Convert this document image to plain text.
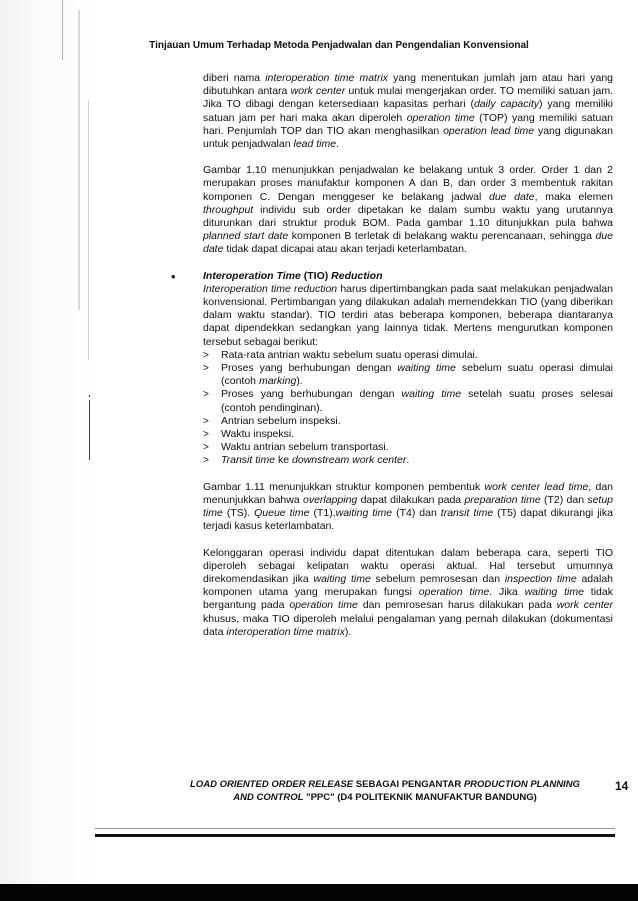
Tinjauan Umum Terhadap Metoda Penjadwalan dan Pengendalian Konvensional

diberi nama interoperation time matrix yang menentukan jumlah jam atau hari yang dibutuhkan antara work center untuk mulai mengerjakan order. TO memiliki satuan jam. Jika TO dibagi dengan ketersediaan kapasitas perhari (daily capacity) yang memiliki satuan jam per hari maka akan diperoleh operation time (TOP) yang memiliki satuan hari. Penjumlah TOP dan TIO akan menghasilkan operation lead time yang digunakan untuk penjadwalan lead time.

Gambar 1.10 menunjukkan penjadwalan ke belakang untuk 3 order. Order 1 dan 2 merupakan proses manufaktur komponen A dan B, dan order 3 membentuk rakitan komponen C. Dengan menggeser ke belakang jadwal due date, maka elemen throughput individu sub order dipetakan ke dalam sumbu waktu yang urutannya diturunkan dari struktur produk BOM. Pada gambar 1.10 ditunjukkan pula bahwa planned start date komponen B terletak di belakang waktu perencanaan, sehingga due date tidak dapat dicapai atau akan terjadi keterlambatan.

•	Interoperation Time (TIO) Reduction

Interoperation time reduction harus dipertimbangkan pada saat melakukan penjadwalan konvensional. Pertimbangan yang dilakukan adalah memendekkan TIO (yang diberikan dalam waktu standar). TIO terdiri atas beberapa komponen, beberapa diantaranya dapat dipendekkan sedangkan yang lainnya tidak. Mertens mengurutkan komponen tersebut sebagai berikut:

> Rata-rata antrian waktu sebelum suatu operasi dimulai.
> Proses yang berhubungan dengan waiting time sebelum suatu operasi dimulai (contoh marking).
> Proses yang berhubungan dengan waiting time setelah suatu proses selesai (contoh pendinginan).
> Antrian sebelum inspeksi.
> Waktu inspeksi.
> Waktu antrian sebelum transportasi.
> Transit time ke downstream work center.

Gambar 1.11 menunjukkan struktur komponen pembentuk work center lead time, dan menunjukkan bahwa overlapping dapat dilakukan pada preparation time (T2) dan setup time (TS). Queue time (T1),waiting time (T4) dan transit time (T5) dapat dikurangi jika terjadi kasus keterlambatan.

Kelonggaran operasi individu dapat ditentukan dalam beberapa cara, seperti TIO diperoleh sebagai kelipatan waktu operasi aktual. Hal tersebut umumnya direkomendasikan jika waiting time sebelum pemrosesan dan inspection time adalah komponen utama yang merupakan fungsi operation time. Jika waiting time tidak bergantung pada operation time dan pemrosesan harus dilakukan pada work center khusus, maka TIO diperoleh melalui pengalaman yang pernah dilakukan (dokumentasi data interoperation time matrix).

LOAD ORIENTED ORDER RELEASE SEBAGAI PENGANTAR PRODUCTION PLANNING
AND CONTROL "PPC" (D4 POLITEKNIK MANUFAKTUR BANDUNG)
14
